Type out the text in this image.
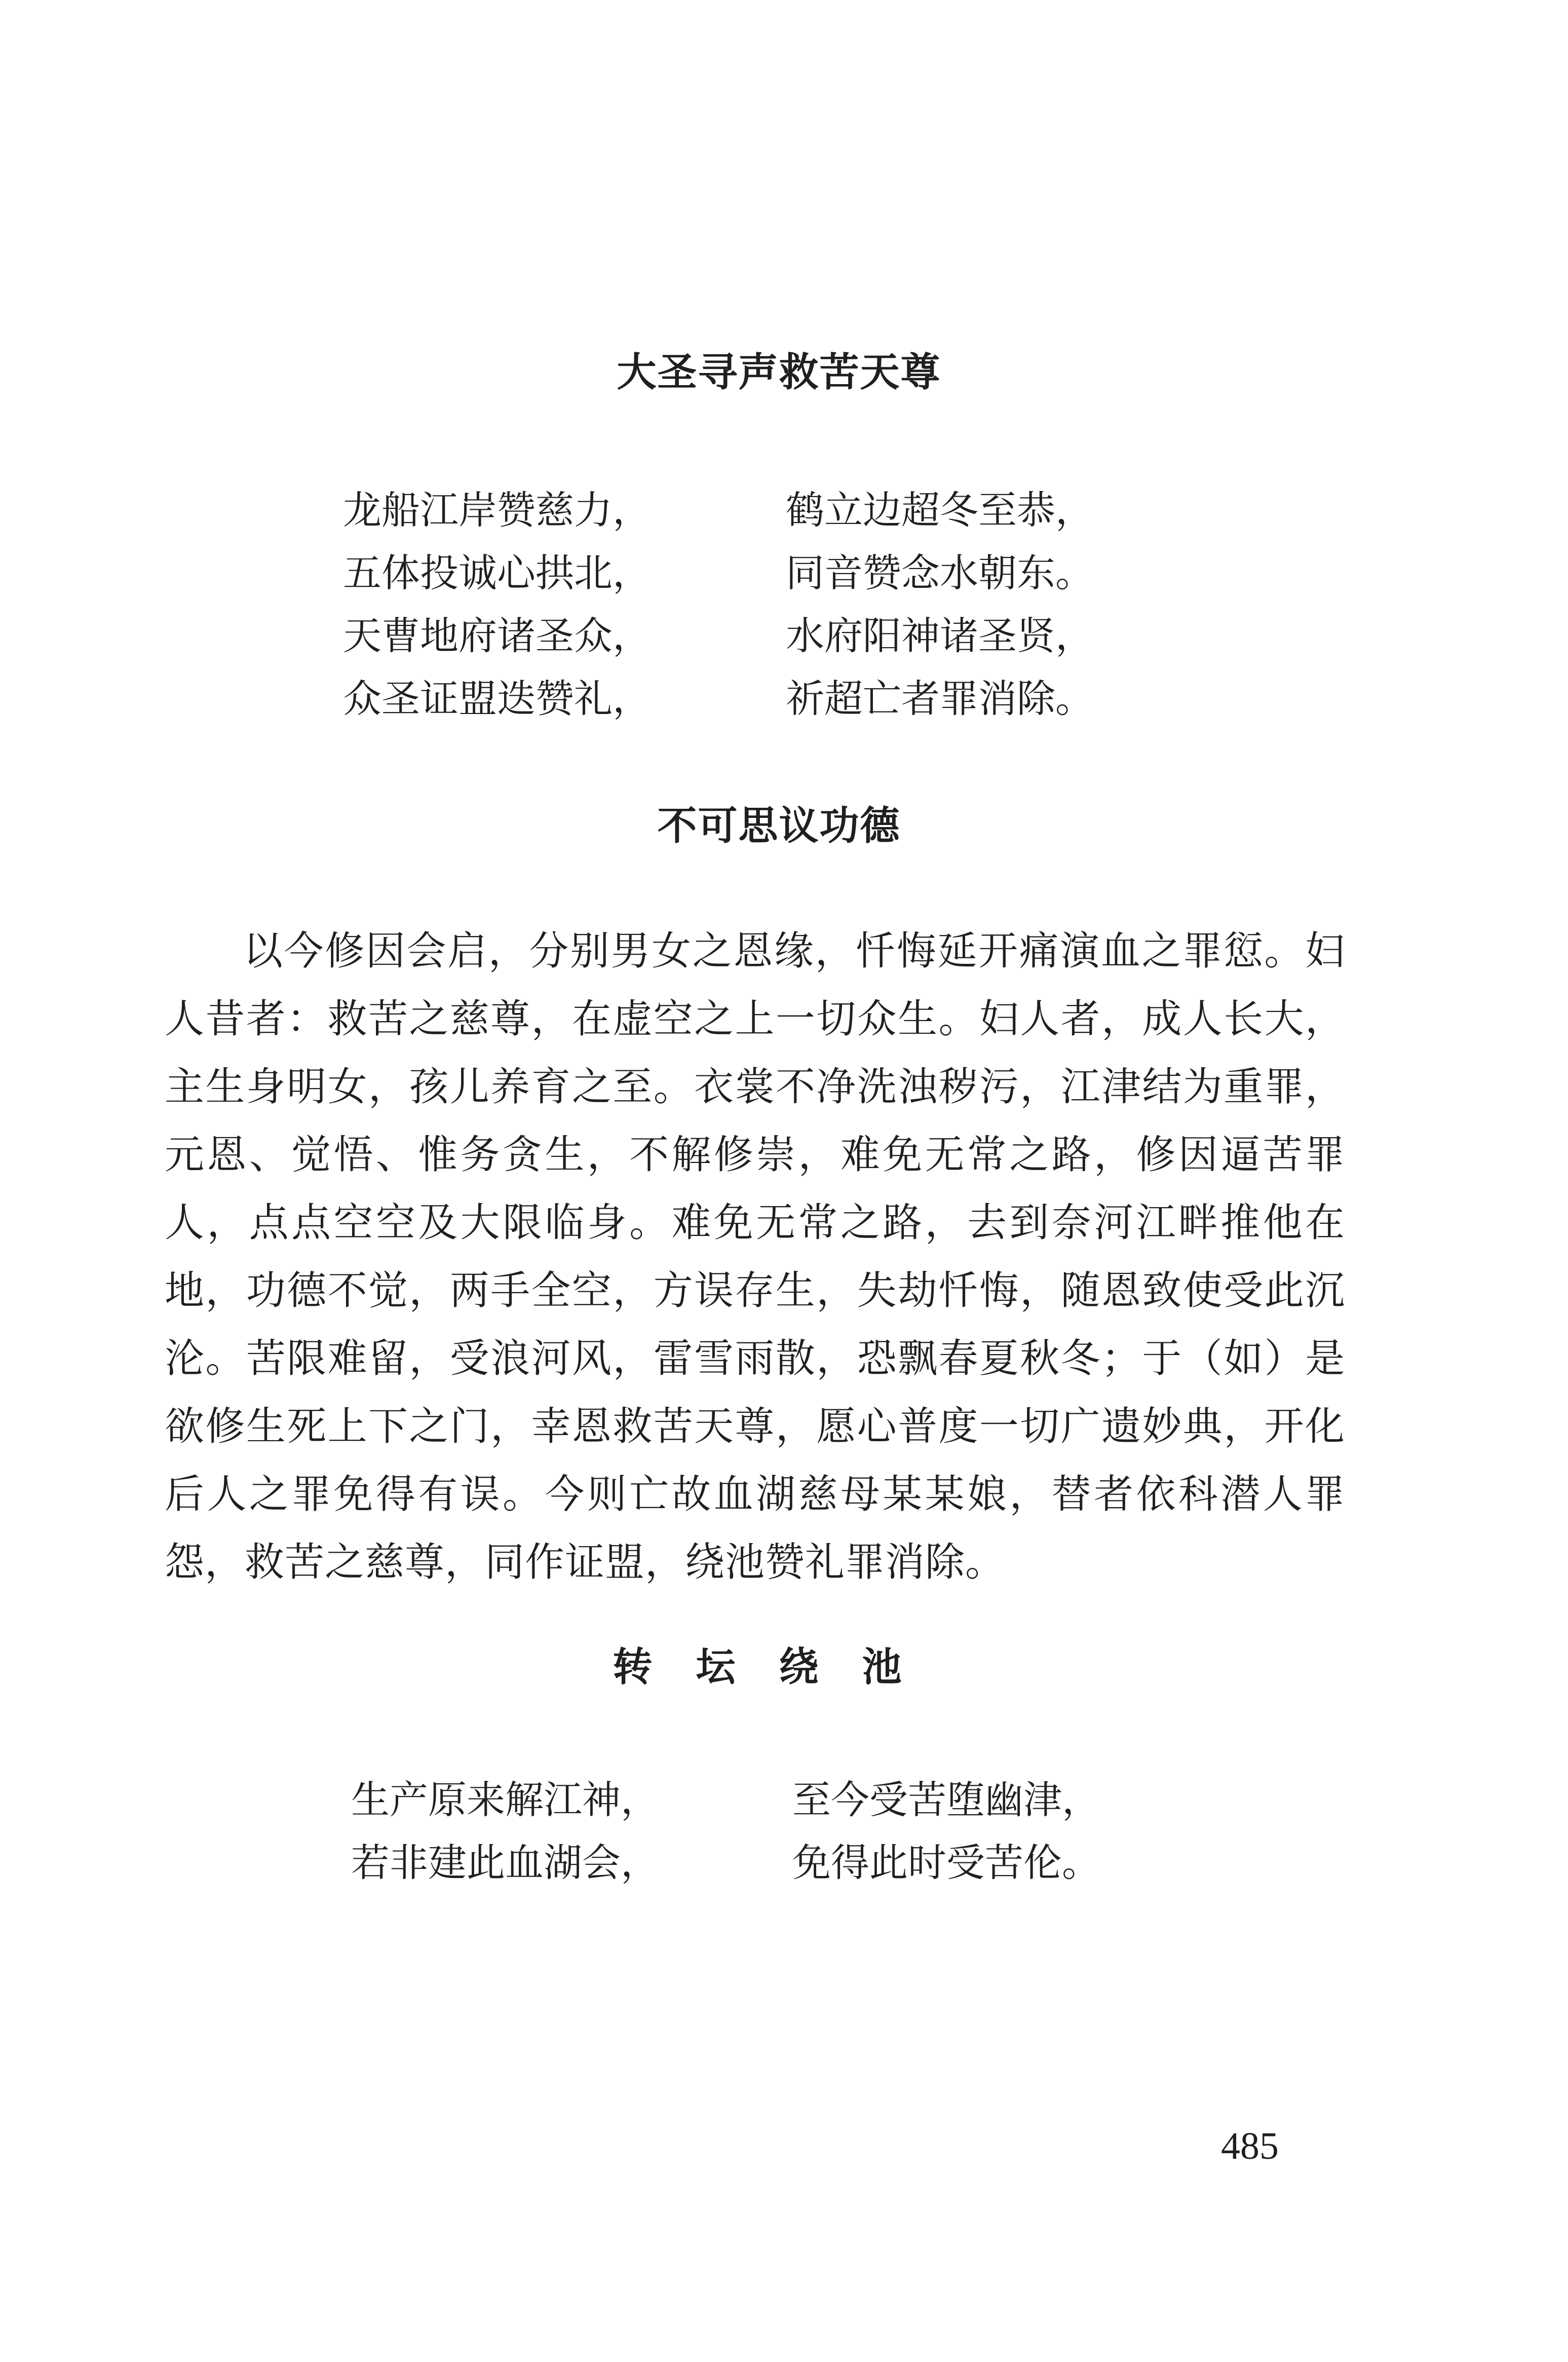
大圣寻声救苦天尊
龙船江岸赞慈力，
五体投诚心拱北，
天曹地府诸圣众，
众圣证盟迭赞礼，
鹤立边超冬至恭，
同音赞念水朝东。
水府阳神诸圣贤，
祈超亡者罪消除。
不可思议功德
以今修因会启，分别男女之恩缘，忏悔延开痛演血之罪愆。妇人昔者：救苦之慈尊，在虚空之上一切众生。妇人者，成人长大，主生身明女，孩儿养育之至。衣裳不净洗浊秽污，江津结为重罪，元恩、觉悟、惟务贪生，不解修崇，难免无常之路，修因逼苦罪人，点点空空及大限临身。难免无常之路，去到奈河江畔推他在地，功德不觉，两手全空，方误存生，失劫忏悔，随恩致使受此沉沦。苦限难留，受浪河风，雷雪雨散，恐飘春夏秋冬；于（如）是欲修生死上下之门，幸恩救苦天尊，愿心普度一切广遗妙典，开化后人之罪免得有误。今则亡故血湖慈母某某娘，替者依科潜人罪怨，救苦之慈尊，同作证盟，绕池赞礼罪消除。
转坛绕池
生产原来解江神，
若非建此血湖会，
至今受苦堕幽津，
免得此时受苦伦。
485
